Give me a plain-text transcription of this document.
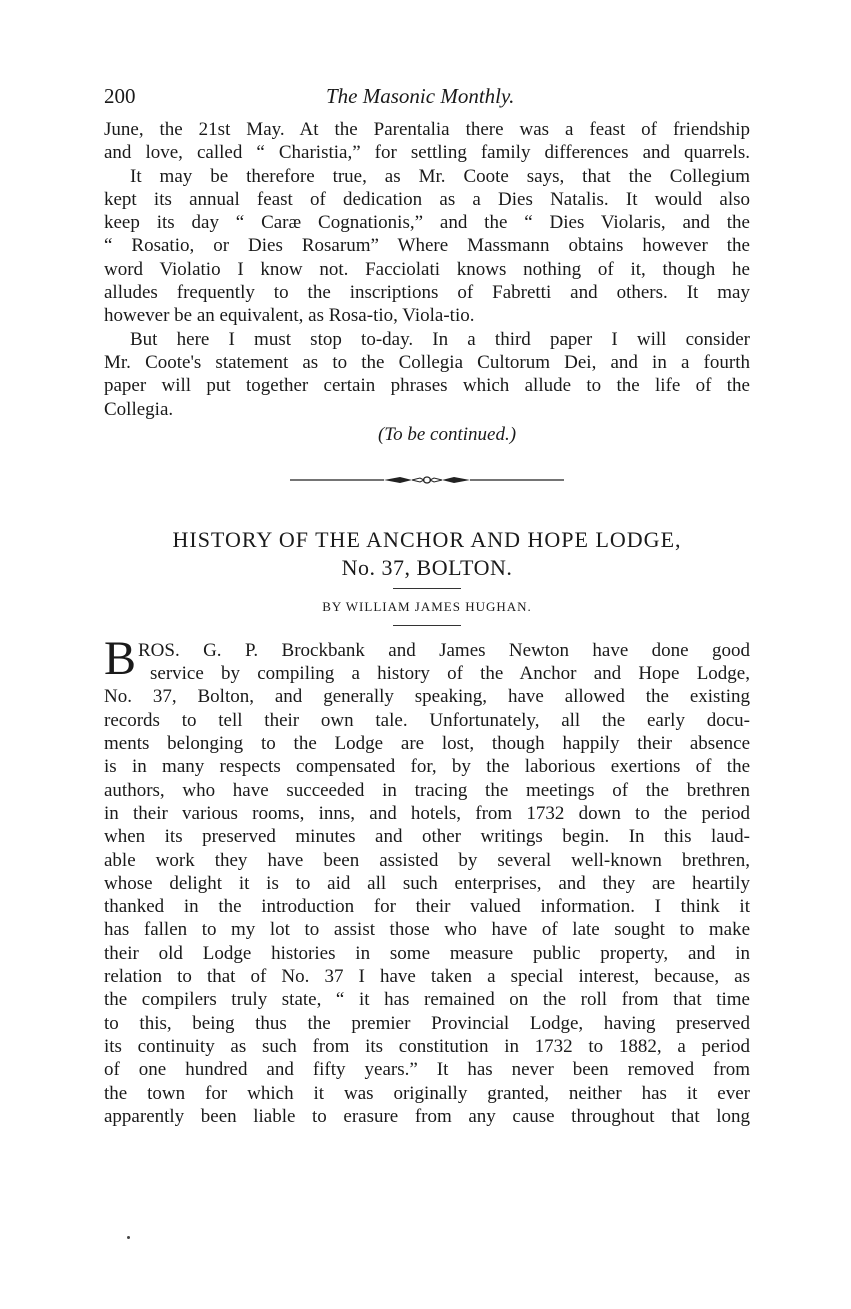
200	The Masonic Monthly.
June, the 21st May. At the Parentalia there was a feast of friendship
and love, called “ Charistia,” for settling family differences and quarrels.
It may be therefore true, as Mr. Coote says, that the Collegium
kept its annual feast of dedication as a Dies Natalis. It would also
keep its day “ Caræ Cognationis,” and the “ Dies Violaris, and the
“ Rosatio, or Dies Rosarum” Where Massmann obtains however the
word Violatio I know not. Facciolati knows nothing of it, though he
alludes frequently to the inscriptions of Fabretti and others. It may
however be an equivalent, as Rosa-tio, Viola-tio.
But here I must stop to-day. In a third paper I will consider
Mr. Coote's statement as to the Collegia Cultorum Dei, and in a fourth
paper will put together certain phrases which allude to the life of the
Collegia.
(To be continued.)
HISTORY OF THE ANCHOR AND HOPE LODGE,
No. 37, BOLTON.
BY WILLIAM JAMES HUGHAN.
B ROS. G. P. Brockbank and James Newton have done good
service by compiling a history of the Anchor and Hope Lodge,
No. 37, Bolton, and generally speaking, have allowed the existing
records to tell their own tale. Unfortunately, all the early docu-
ments belonging to the Lodge are lost, though happily their absence
is in many respects compensated for, by the laborious exertions of the
authors, who have succeeded in tracing the meetings of the brethren
in their various rooms, inns, and hotels, from 1732 down to the period
when its preserved minutes and other writings begin. In this laud-
able work they have been assisted by several well-known brethren,
whose delight it is to aid all such enterprises, and they are heartily
thanked in the introduction for their valued information. I think it
has fallen to my lot to assist those who have of late sought to make
their old Lodge histories in some measure public property, and in
relation to that of No. 37 I have taken a special interest, because, as
the compilers truly state, “ it has remained on the roll from that time
to this, being thus the premier Provincial Lodge, having preserved
its continuity as such from its constitution in 1732 to 1882, a period
of one hundred and fifty years.” It has never been removed from
the town for which it was originally granted, neither has it ever
apparently been liable to erasure from any cause throughout that long
